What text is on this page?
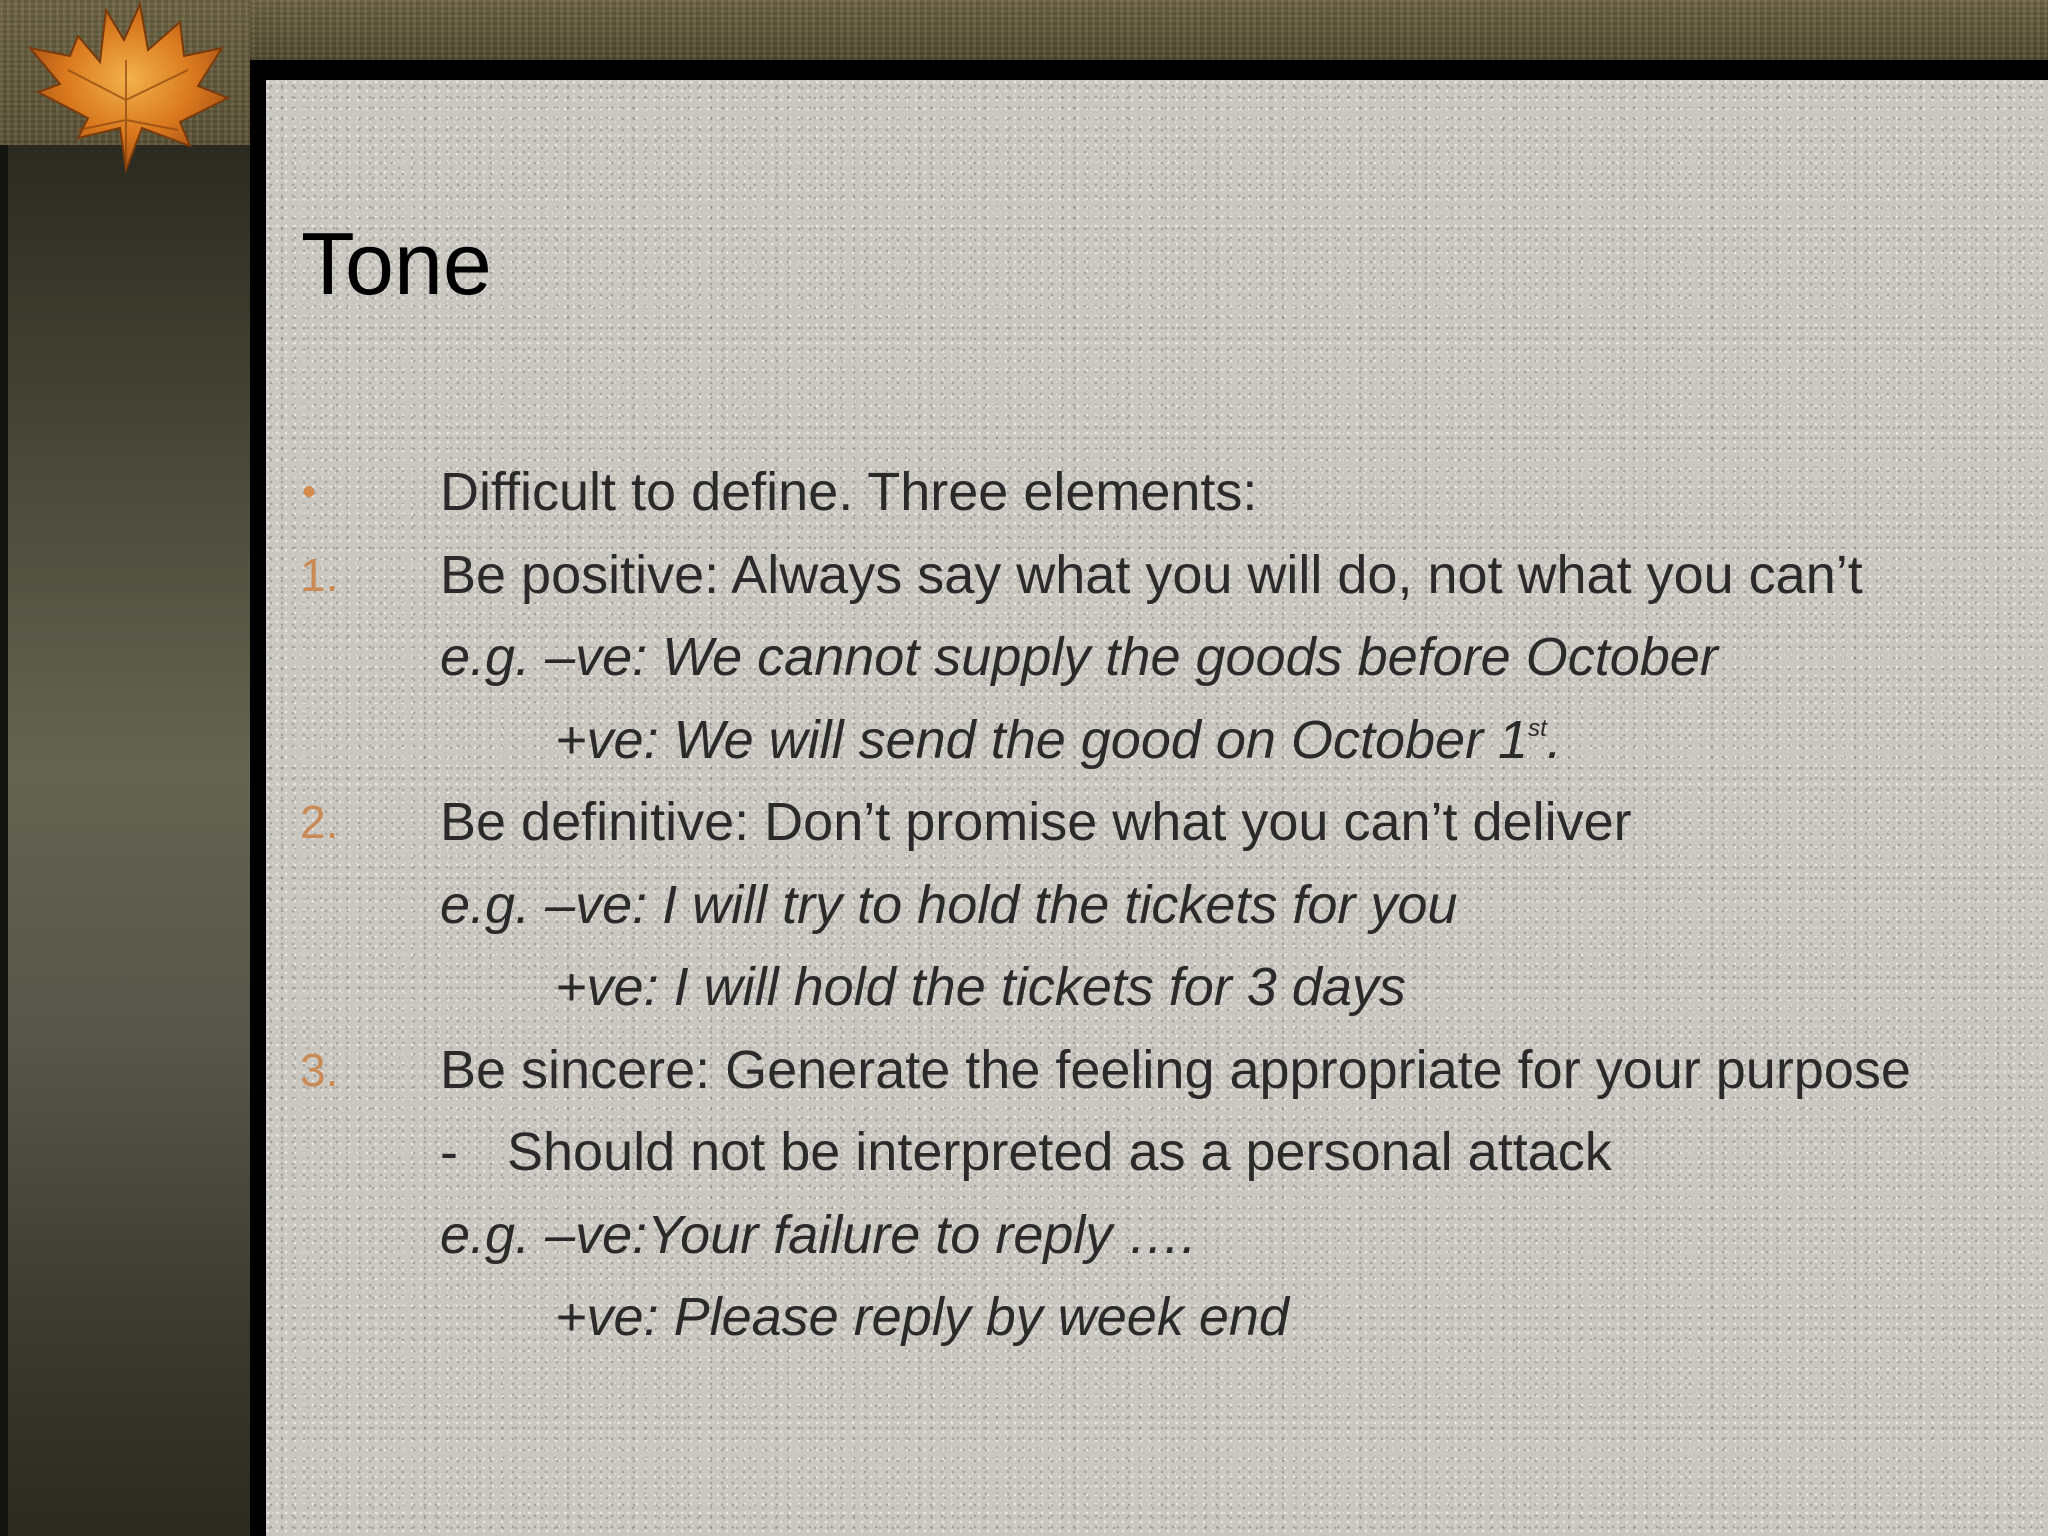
Tone
• Difficult to define. Three elements:
1. Be positive: Always say what you will do, not what you can’t
e.g. –ve: We cannot supply the goods before October
+ve: We will send the good on October 1st.
2. Be definitive: Don’t promise what you can’t deliver
e.g. –ve: I will try to hold the tickets for you
+ve: I will hold the tickets for 3 days
3. Be sincere: Generate the feeling appropriate for your purpose
- Should not be interpreted as a personal attack
e.g. –ve:Your failure to reply ….
+ve: Please reply by week end
